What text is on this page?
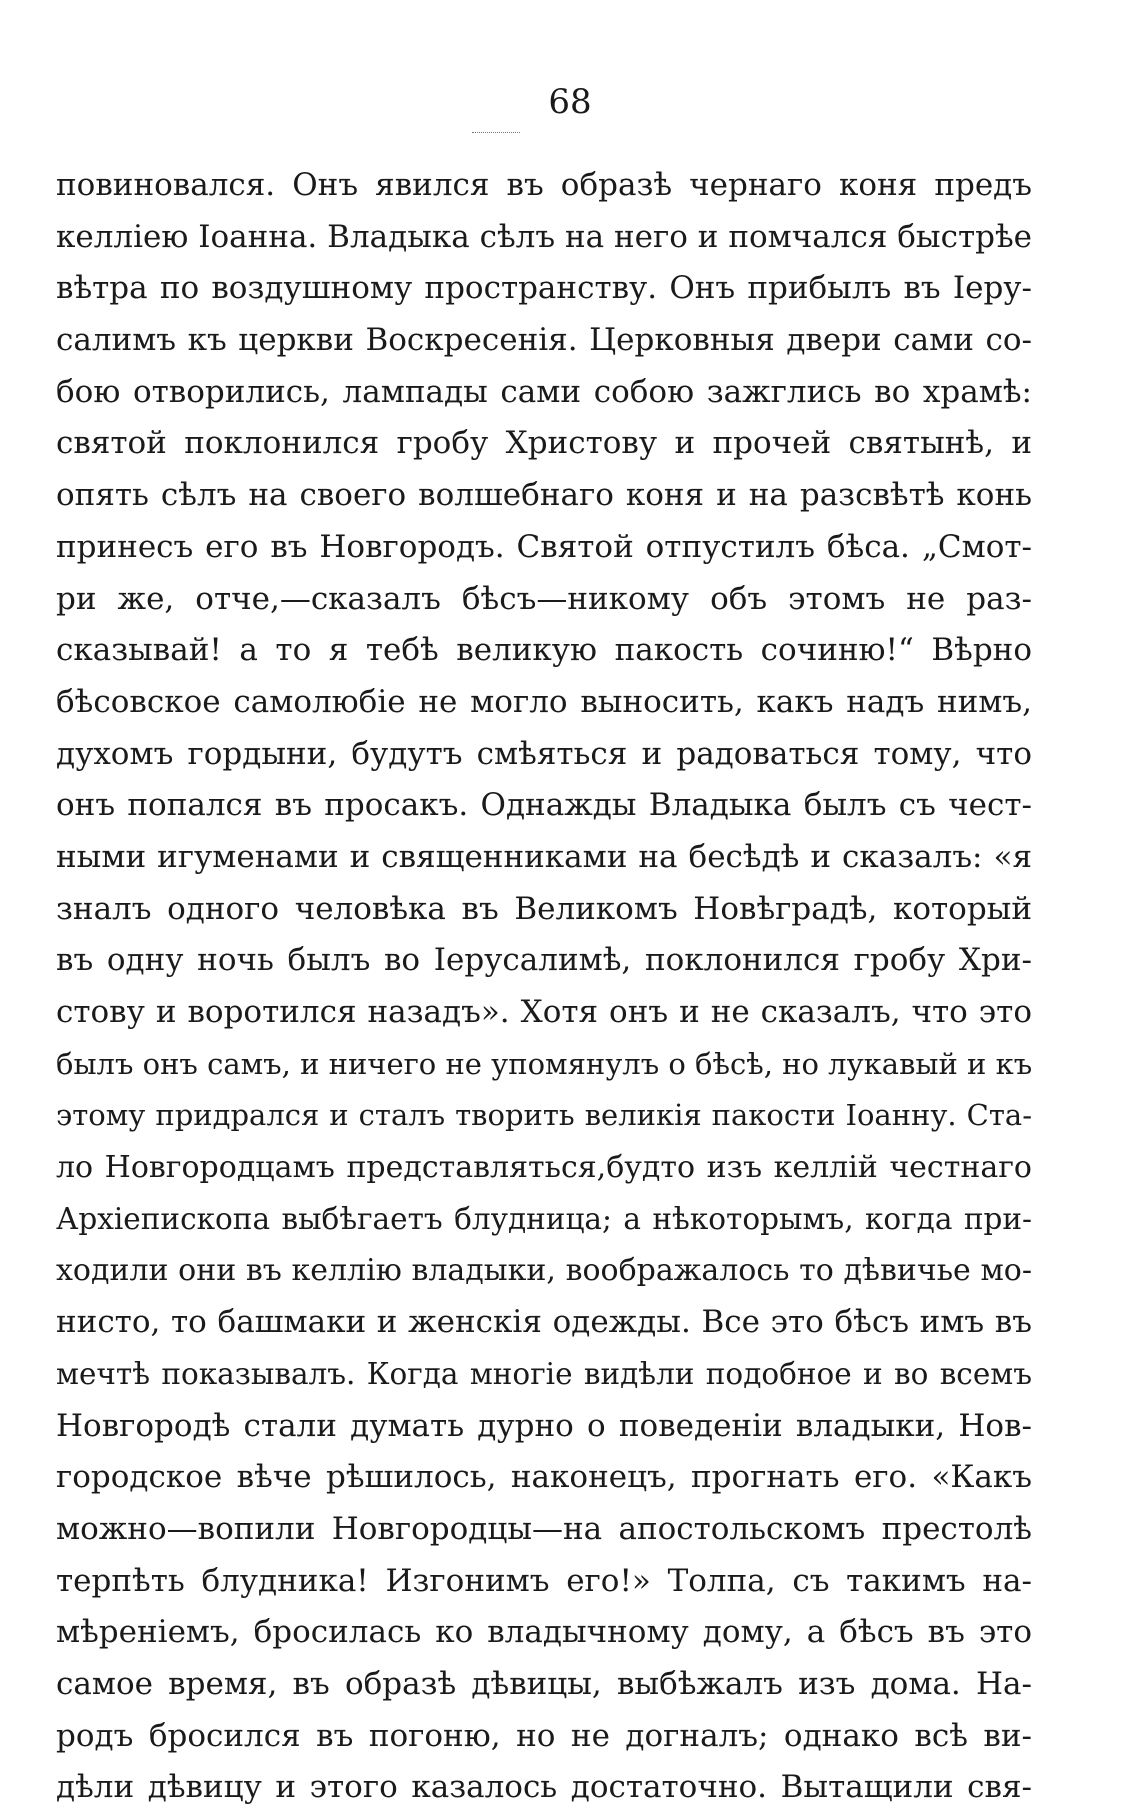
68
повиновался. Онъ явился въ образѣ чернаго коня предъ
келлiею Iоанна. Владыка сѣлъ на него и помчался быстрѣе
вѣтра по воздушному пространству. Онъ прибылъ въ Iеру-
салимъ къ церкви Воскресенiя. Церковныя двери сами со-
бою отворились, лампады сами собою зажглись во храмѣ:
святой поклонился гробу Христову и прочей святынѣ, и
опять сѣлъ на своего волшебнаго коня и на разсвѣтѣ конь
принесъ его въ Новгородъ. Святой отпустилъ бѣса. „Смот-
ри же, отче,—сказалъ бѣсъ—никому объ этомъ не раз-
сказывай! а то я тебѣ великую пакость сочиню!“ Вѣрно
бѣсовское самолюбiе не могло выносить, какъ надъ нимъ,
духомъ гордыни, будутъ смѣяться и радоваться тому, что
онъ попался въ просакъ. Однажды Владыка былъ съ чест-
ными игуменами и священниками на бесѣдѣ и сказалъ: «я
зналъ одного человѣка въ Великомъ Новѣградѣ, который
въ одну ночь былъ во Iерусалимѣ, поклонился гробу Хри-
стову и воротился назадъ». Хотя онъ и не сказалъ, что это
былъ онъ самъ, и ничего не упомянулъ о бѣсѣ, но лукавый и къ
этому придрался и сталъ творить великiя пакости Iоанну. Ста-
ло Новгородцамъ представляться,будто изъ келлiй честнаго
Архiепископа выбѣгаетъ блудница; а нѣкоторымъ, когда при-
ходили они въ келлiю владыки, воображалось то дѣвичье мо-
нисто, то башмаки и женскiя одежды. Все это бѣсъ имъ въ
мечтѣ показывалъ. Когда многiе видѣли подобное и во всемъ
Новгородѣ стали думать дурно о поведенiи владыки, Нов-
городское вѣче рѣшилось, наконецъ, прогнать его. «Какъ
можно—вопили Новгородцы—на апостольскомъ престолѣ
терпѣть блудника! Изгонимъ его!» Толпа, съ такимъ на-
мѣренiемъ, бросилась ко владычному дому, а бѣсъ въ это
самое время, въ образѣ дѣвицы, выбѣжалъ изъ дома. На-
родъ бросился въ погоню, но не догналъ; однако всѣ ви-
дѣли дѣвицу и этого казалось достаточно. Вытащили свя-
